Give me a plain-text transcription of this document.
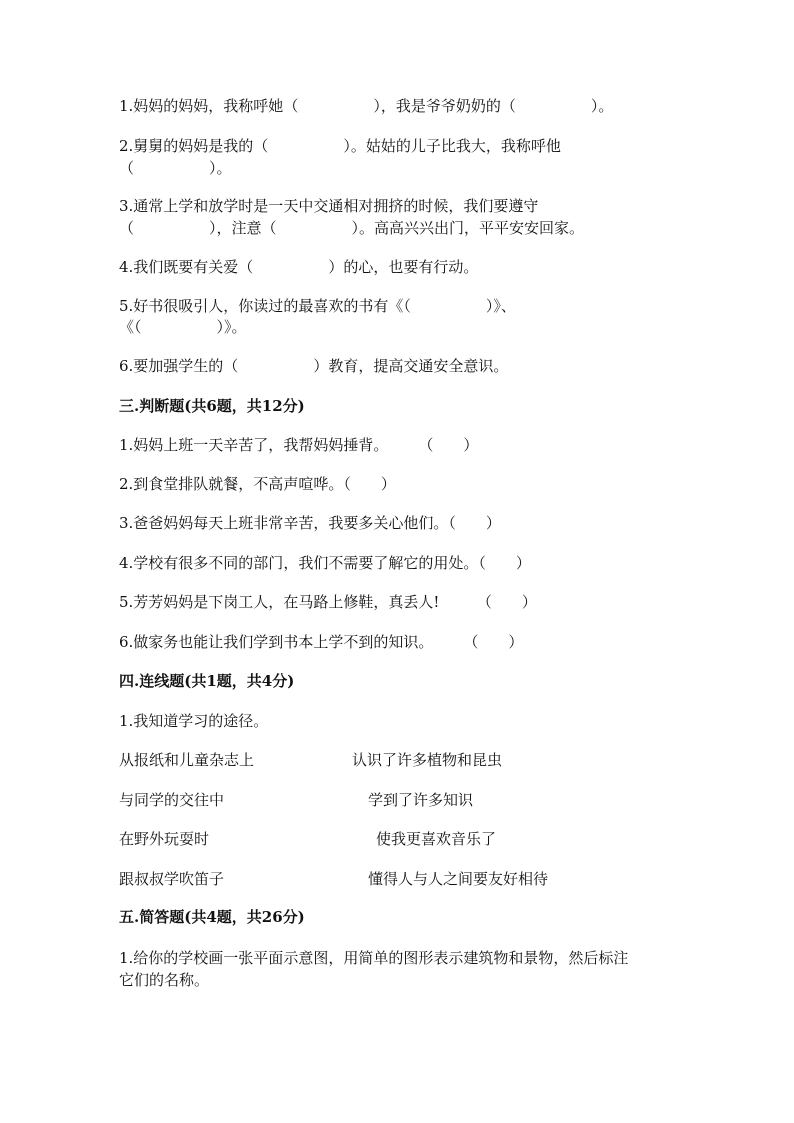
1.妈妈的妈妈，我称呼她（　　　　　），我是爷爷奶奶的（　　　　　）。
2.舅舅的妈妈是我的（　　　　　）。姑姑的儿子比我大，我称呼他
（　　　　　）。
3.通常上学和放学时是一天中交通相对拥挤的时候，我们要遵守
（　　　　　），注意（　　　　　）。高高兴兴出门，平平安安回家。
4.我们既要有关爱（　　　　　）的心，也要有行动。
5.好书很吸引人，你读过的最喜欢的书有《（　　　　　）》、
《（　　　　　）》。
6.要加强学生的（　　　　　）教育，提高交通安全意识。
三.判断题(共6题，共12分)
1.妈妈上班一天辛苦了，我帮妈妈捶背。　　　（　　）
2.到食堂排队就餐，不高声喧哗。（　　）
3.爸爸妈妈每天上班非常辛苦，我要多关心他们。（　　）
4.学校有很多不同的部门，我们不需要了解它的用处。（　　）
5.芳芳妈妈是下岗工人，在马路上修鞋，真丢人!　　　（　　）
6.做家务也能让我们学到书本上学不到的知识。　　　（　　）
四.连线题(共1题，共4分)
1.我知道学习的途径。
从报纸和儿童杂志上	认识了许多植物和昆虫
与同学的交往中	学到了许多知识
在野外玩耍时	使我更喜欢音乐了
跟叔叔学吹笛子	懂得人与人之间要友好相待
五.简答题(共4题，共26分)
1.给你的学校画一张平面示意图，用简单的图形表示建筑物和景物，然后标注
它们的名称。
